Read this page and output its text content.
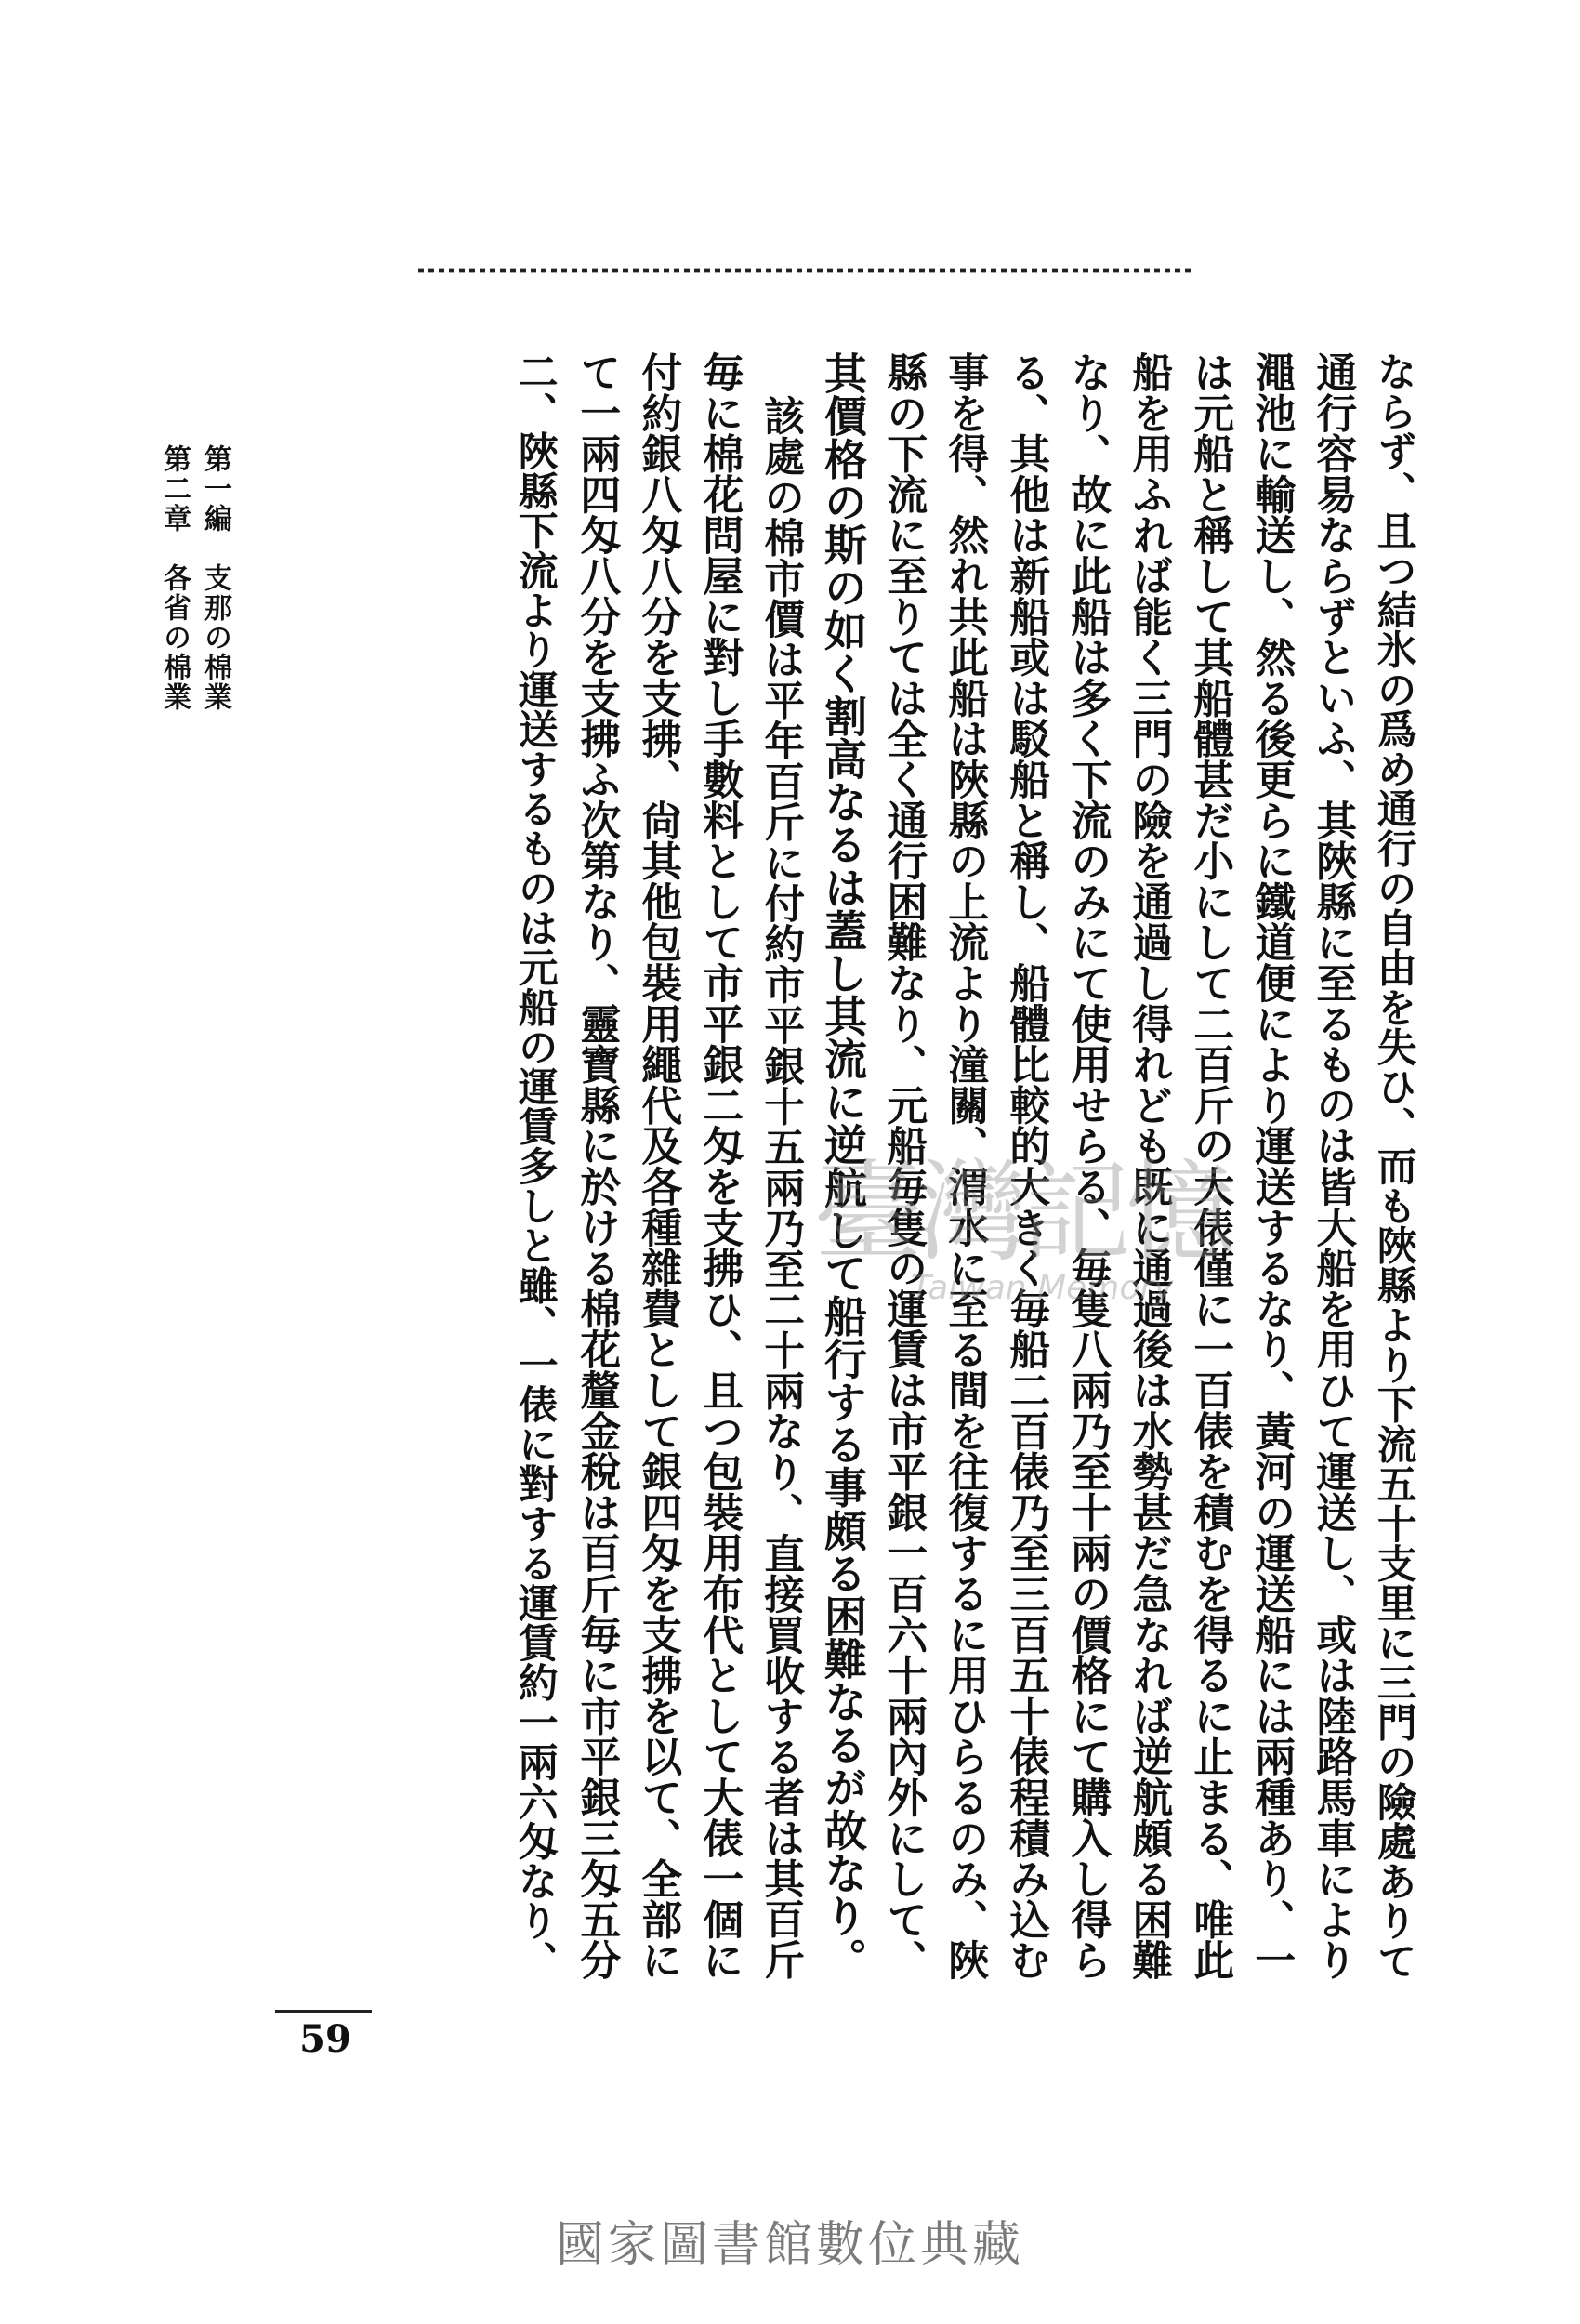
ならず、且つ結氷の爲め通行の自由を失ひ、而も陜縣より下流五十支里に三門の險處ありて
通行容易ならずといふ、其陜縣に至るものは皆大船を用ひて運送し、或は陸路馬車により
澠池に輸送し、然る後更らに鐵道便により運送するなり、黃河の運送船には兩種あり、一
は元船と稱して其船體甚だ小にして二百斤の大俵僅に一百俵を積むを得るに止まる、唯此
船を用ふれば能く三門の險を通過し得れども既に通過後は水勢甚だ急なれば逆航頗る困難
なり、故に此船は多く下流のみにて使用せらる、毎隻八兩乃至十兩の價格にて購入し得ら
る、其他は新船或は駁船と稱し、船體比較的大きく毎船二百俵乃至三百五十俵程積み込む
事を得、然れ共此船は陜縣の上流より潼關、渭水に至る間を往復するに用ひらるのみ、陜
縣の下流に至りては全く通行困難なり、元船毎隻の運賃は市平銀一百六十兩內外にして、
其價格の斯の如く割高なるは蓋し其流に逆航して船行する事頗る困難なるが故なり。
該處の棉市價は平年百斤に付約市平銀十五兩乃至二十兩なり、直接買收する者は其百斤
毎に棉花問屋に對し手數料として市平銀二匁を支拂ひ、且つ包裝用布代として大俵一個に
付約銀八匁八分を支拂、尙其他包裝用繩代及各種雜費として銀四匁を支拂を以て、全部に
て一兩四匁八分を支拂ふ次第なり、靈寶縣に於ける棉花釐金稅は百斤毎に市平銀三匁五分
二、陜縣下流より運送するものは元船の運賃多しと雖、一俵に對する運賃約一兩六匁なり、
第一編　支那の棉業
第二章　各省の棉業
59
臺灣記憶
Taiwan Memory
國家圖書館數位典藏
